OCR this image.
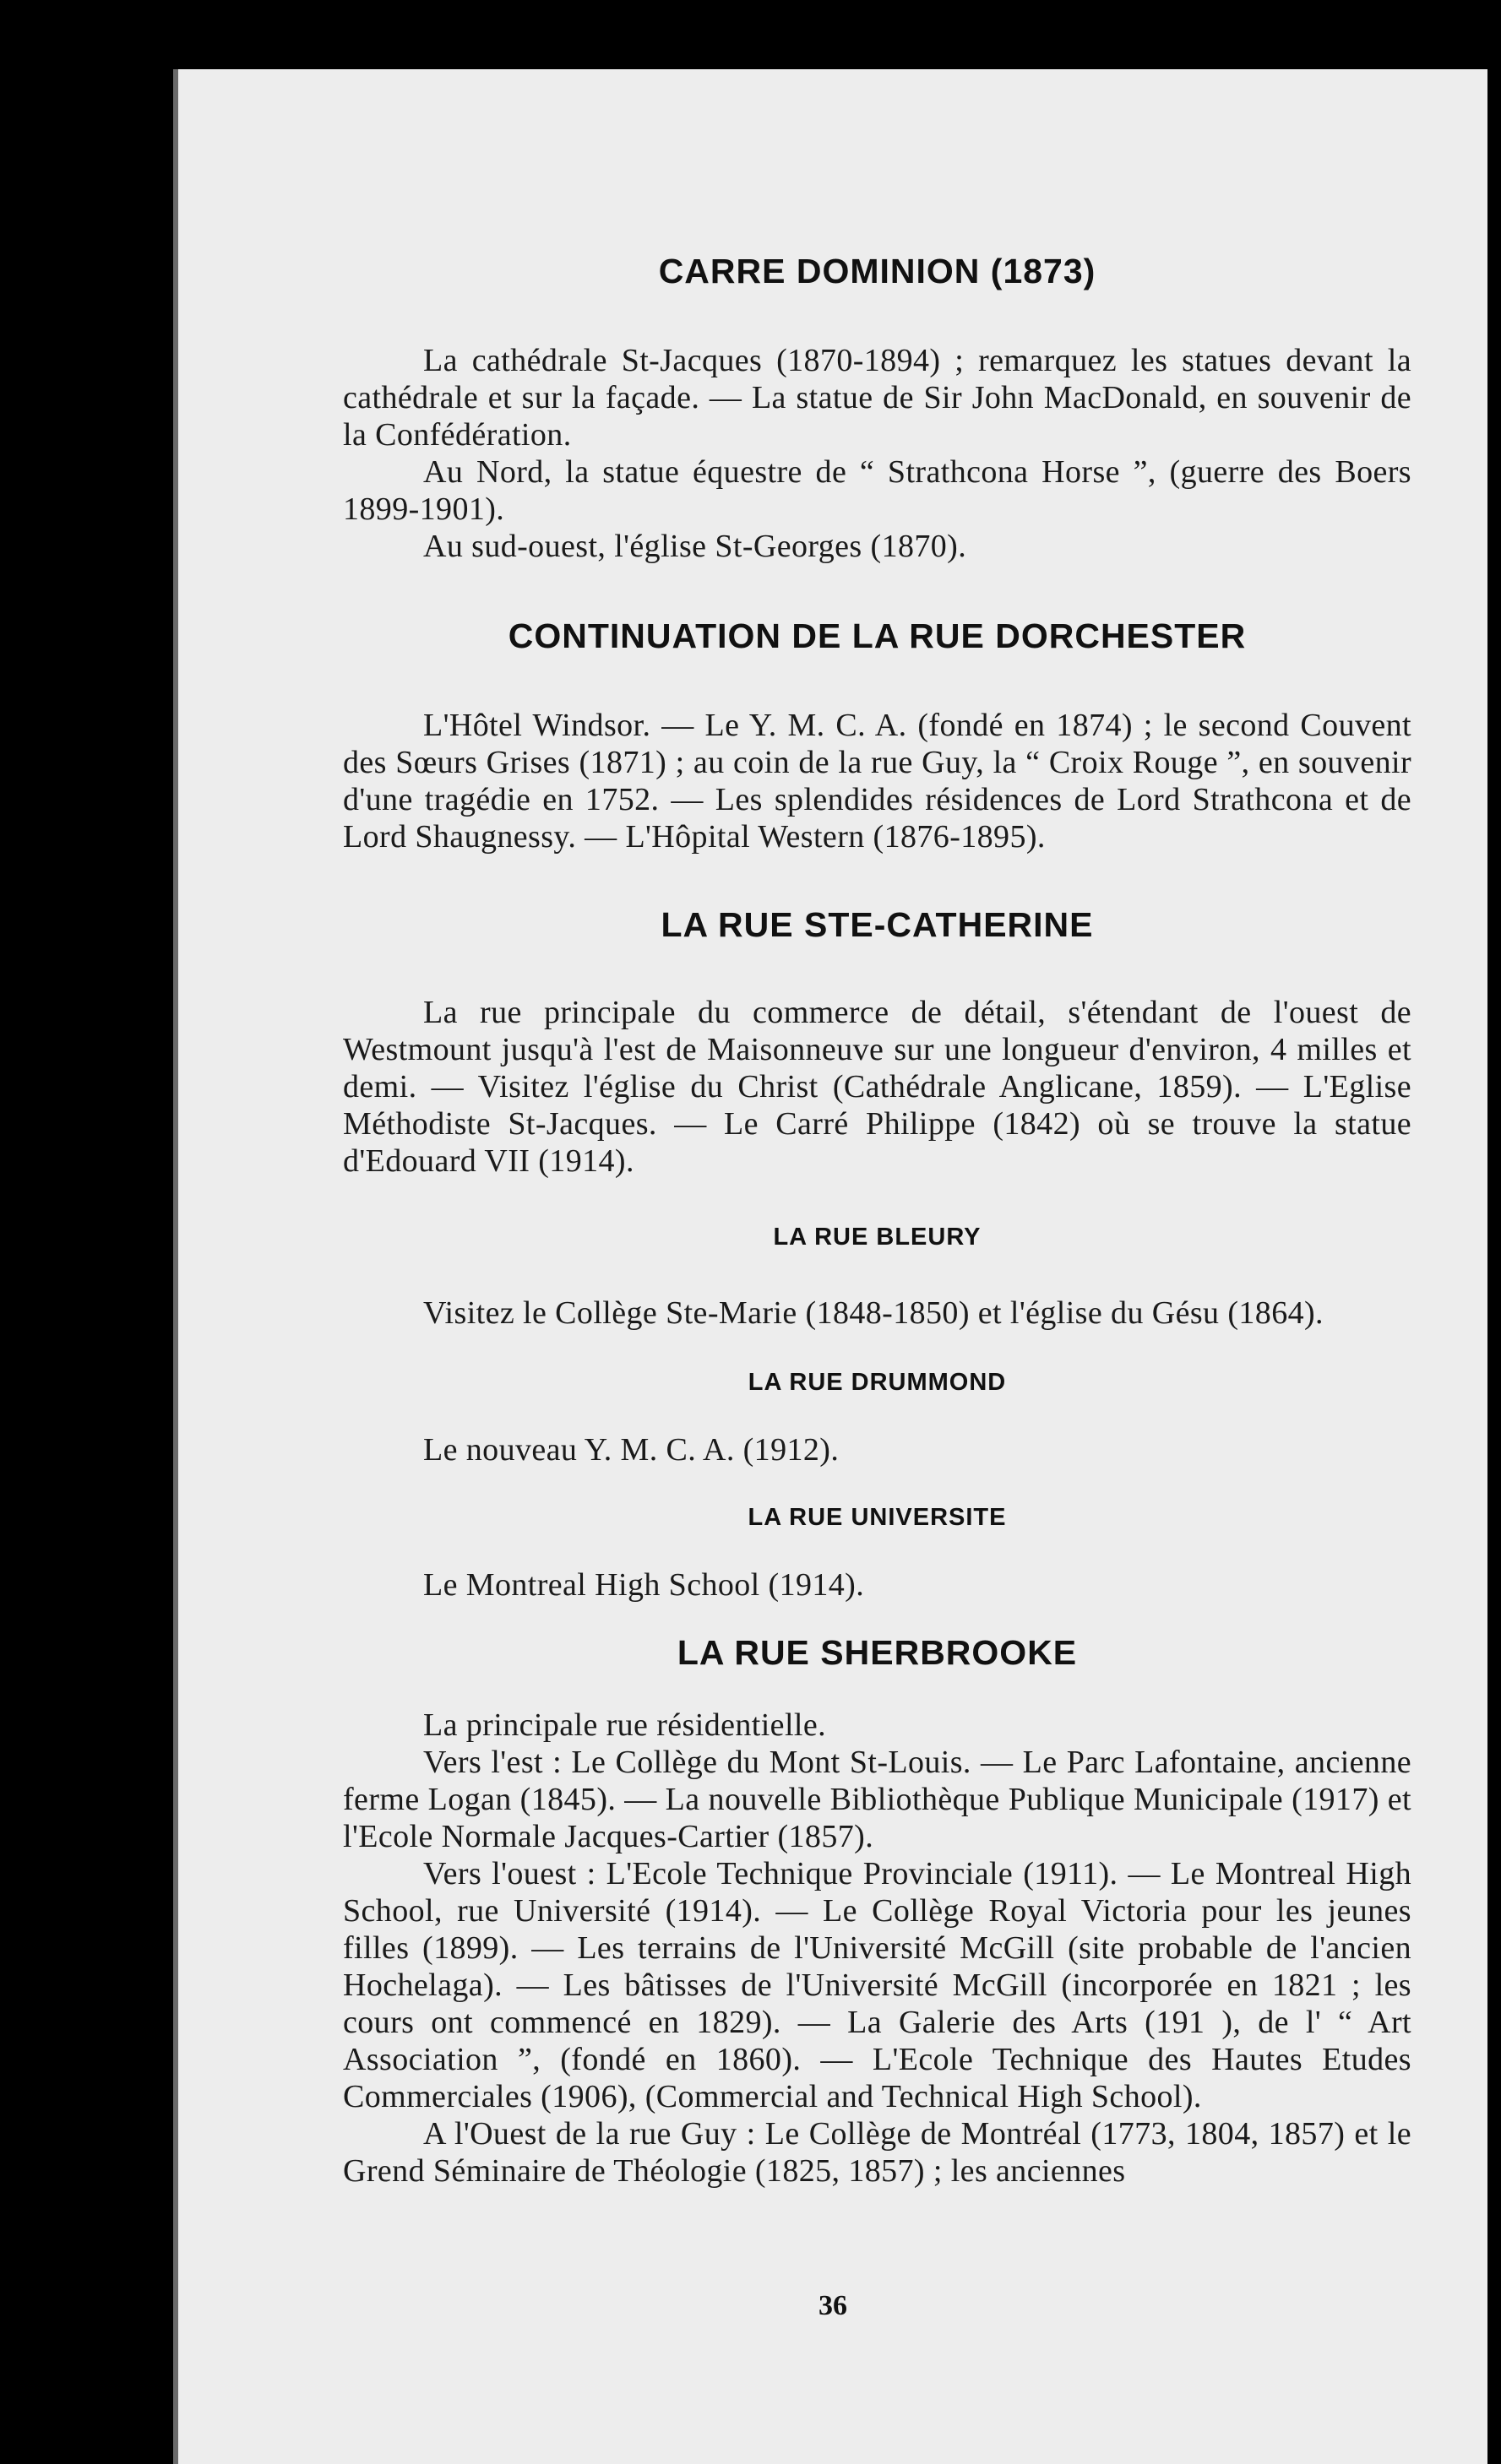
CARRE DOMINION (1873)

La cathédrale St-Jacques (1870-1894) ; remarquez les statues devant la cathédrale et sur la façade. — La statue de Sir John MacDonald, en souvenir de la Confédération.

Au Nord, la statue équestre de “ Strathcona Horse ”, (guerre des Boers 1899-1901).

Au sud-ouest, l'église St-Georges (1870).

CONTINUATION DE LA RUE DORCHESTER

L'Hôtel Windsor. — Le Y. M. C. A. (fondé en 1874) ; le second Couvent des Sœurs Grises (1871) ; au coin de la rue Guy, la “ Croix Rouge ”, en souvenir d'une tragédie en 1752. — Les splendides résidences de Lord Strathcona et de Lord Shaugnessy. — L'Hôpital Western (1876-1895).

LA RUE STE-CATHERINE

La rue principale du commerce de détail, s'étendant de l'ouest de Westmount jusqu'à l'est de Maisonneuve sur une longueur d'environ, 4 milles et demi. — Visitez l'église du Christ (Cathédrale Anglicane, 1859). — L'Eglise Méthodiste St-Jacques. — Le Carré Philippe (1842) où se trouve la statue d'Edouard VII (1914).

LA RUE BLEURY

Visitez le Collège Ste-Marie (1848-1850) et l'église du Gésu (1864).

LA RUE DRUMMOND

Le nouveau Y. M. C. A. (1912).

LA RUE UNIVERSITE

Le Montreal High School (1914).

LA RUE SHERBROOKE

La principale rue résidentielle.

Vers l'est : Le Collège du Mont St-Louis. — Le Parc Lafontaine, ancienne ferme Logan (1845). — La nouvelle Bibliothèque Publique Municipale (1917) et l'Ecole Normale Jacques-Cartier (1857).

Vers l'ouest : L'Ecole Technique Provinciale (1911). — Le Montreal High School, rue Université (1914). — Le Collège Royal Victoria pour les jeunes filles (1899). — Les terrains de l'Université McGill (site probable de l'ancien Hochelaga). — Les bâtisses de l'Université McGill (incorporée en 1821 ; les cours ont commencé en 1829). — La Galerie des Arts (191 ), de l' “ Art Association ”, (fondé en 1860). — L'Ecole Technique des Hautes Etudes Commerciales (1906), (Commercial and Technical High School).

A l'Ouest de la rue Guy : Le Collège de Montréal (1773, 1804, 1857) et le Grend Séminaire de Théologie (1825, 1857) ; les anciennes

36
